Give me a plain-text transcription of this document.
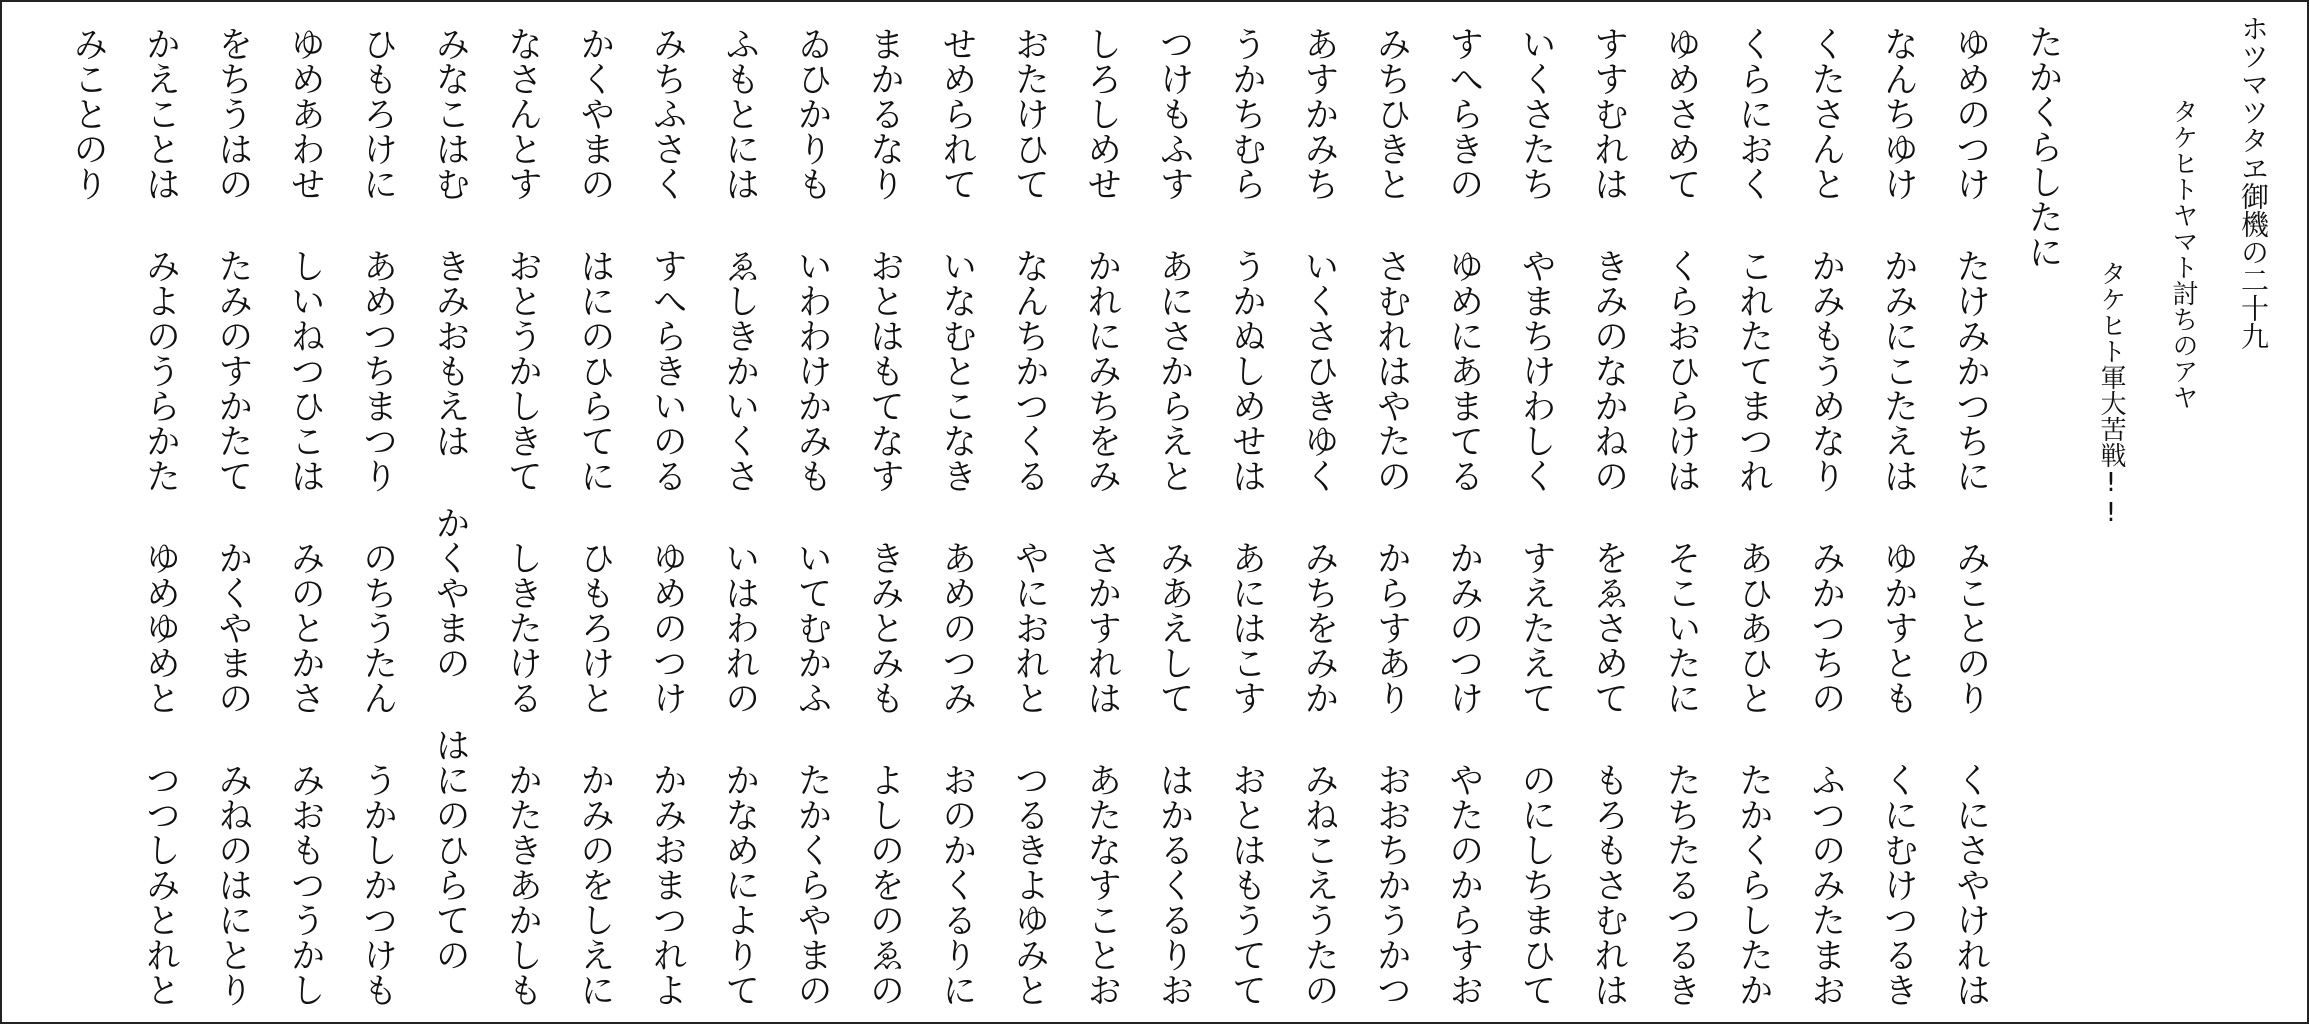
ホツマツタヱ御機の二十九
タケヒトヤマト討ちのアヤ
タケヒト軍大苦戦!!
たかくらしたに
ゆめのつけたけみかつちにみことのりくにさやけれは
なんちゆけかみにこたえはゆかすともくにむけつるき
くたさんとかみもうめなりみかつちのふつのみたまお
くらにおくこれたてまつれあひあひとたかくらしたか
ゆめさめてくらおひらけはそこいたにたちたるつるき
すすむれはきみのなかねのをゑさめてもろもさむれは
いくさたちやまちけわしくすえたえてのにしちまひて
すへらきのゆめにあまてるかみのつけやたのからすお
みちひきとさむれはやたのからすありおおちかうかつ
あすかみちいくさひきゆくみちをみかみねこえうたの
うかちむらうかぬしめせはあにはこすおとはもうてて
つけもふすあにさからえとみあえしてはかるくるりお
しろしめせかれにみちをみさかすれはあたなすことお
おたけひてなんちかつくるやにおれとつるきよゆみと
せめられていなむとこなきあめのつみおのかくるりに
まかるなりおとはもてなすきみとみもよしのをのゑの
ゐひかりもいわわけかみもいてむかふたかくらやまの
ふもとにはゑしきかいくさいはわれのかなめによりて
みちふさくすへらきいのるゆめのつけかみおまつれよ
かくやまのはにのひらてにひもろけとかみのをしえに
なさんとすおとうかしきてしきたけるかたきあかしも
みなこはむきみおもえはかくやまのはにのひらての
ひもろけにあめつちまつりのちうたんうかしかつけも
ゆめあわせしいねつひこはみのとかさみおもつうかし
をちうはのたみのすかたてかくやまのみねのはにとり
かえことはみよのうらかたゆめゆめとつつしみとれと
みことのり
